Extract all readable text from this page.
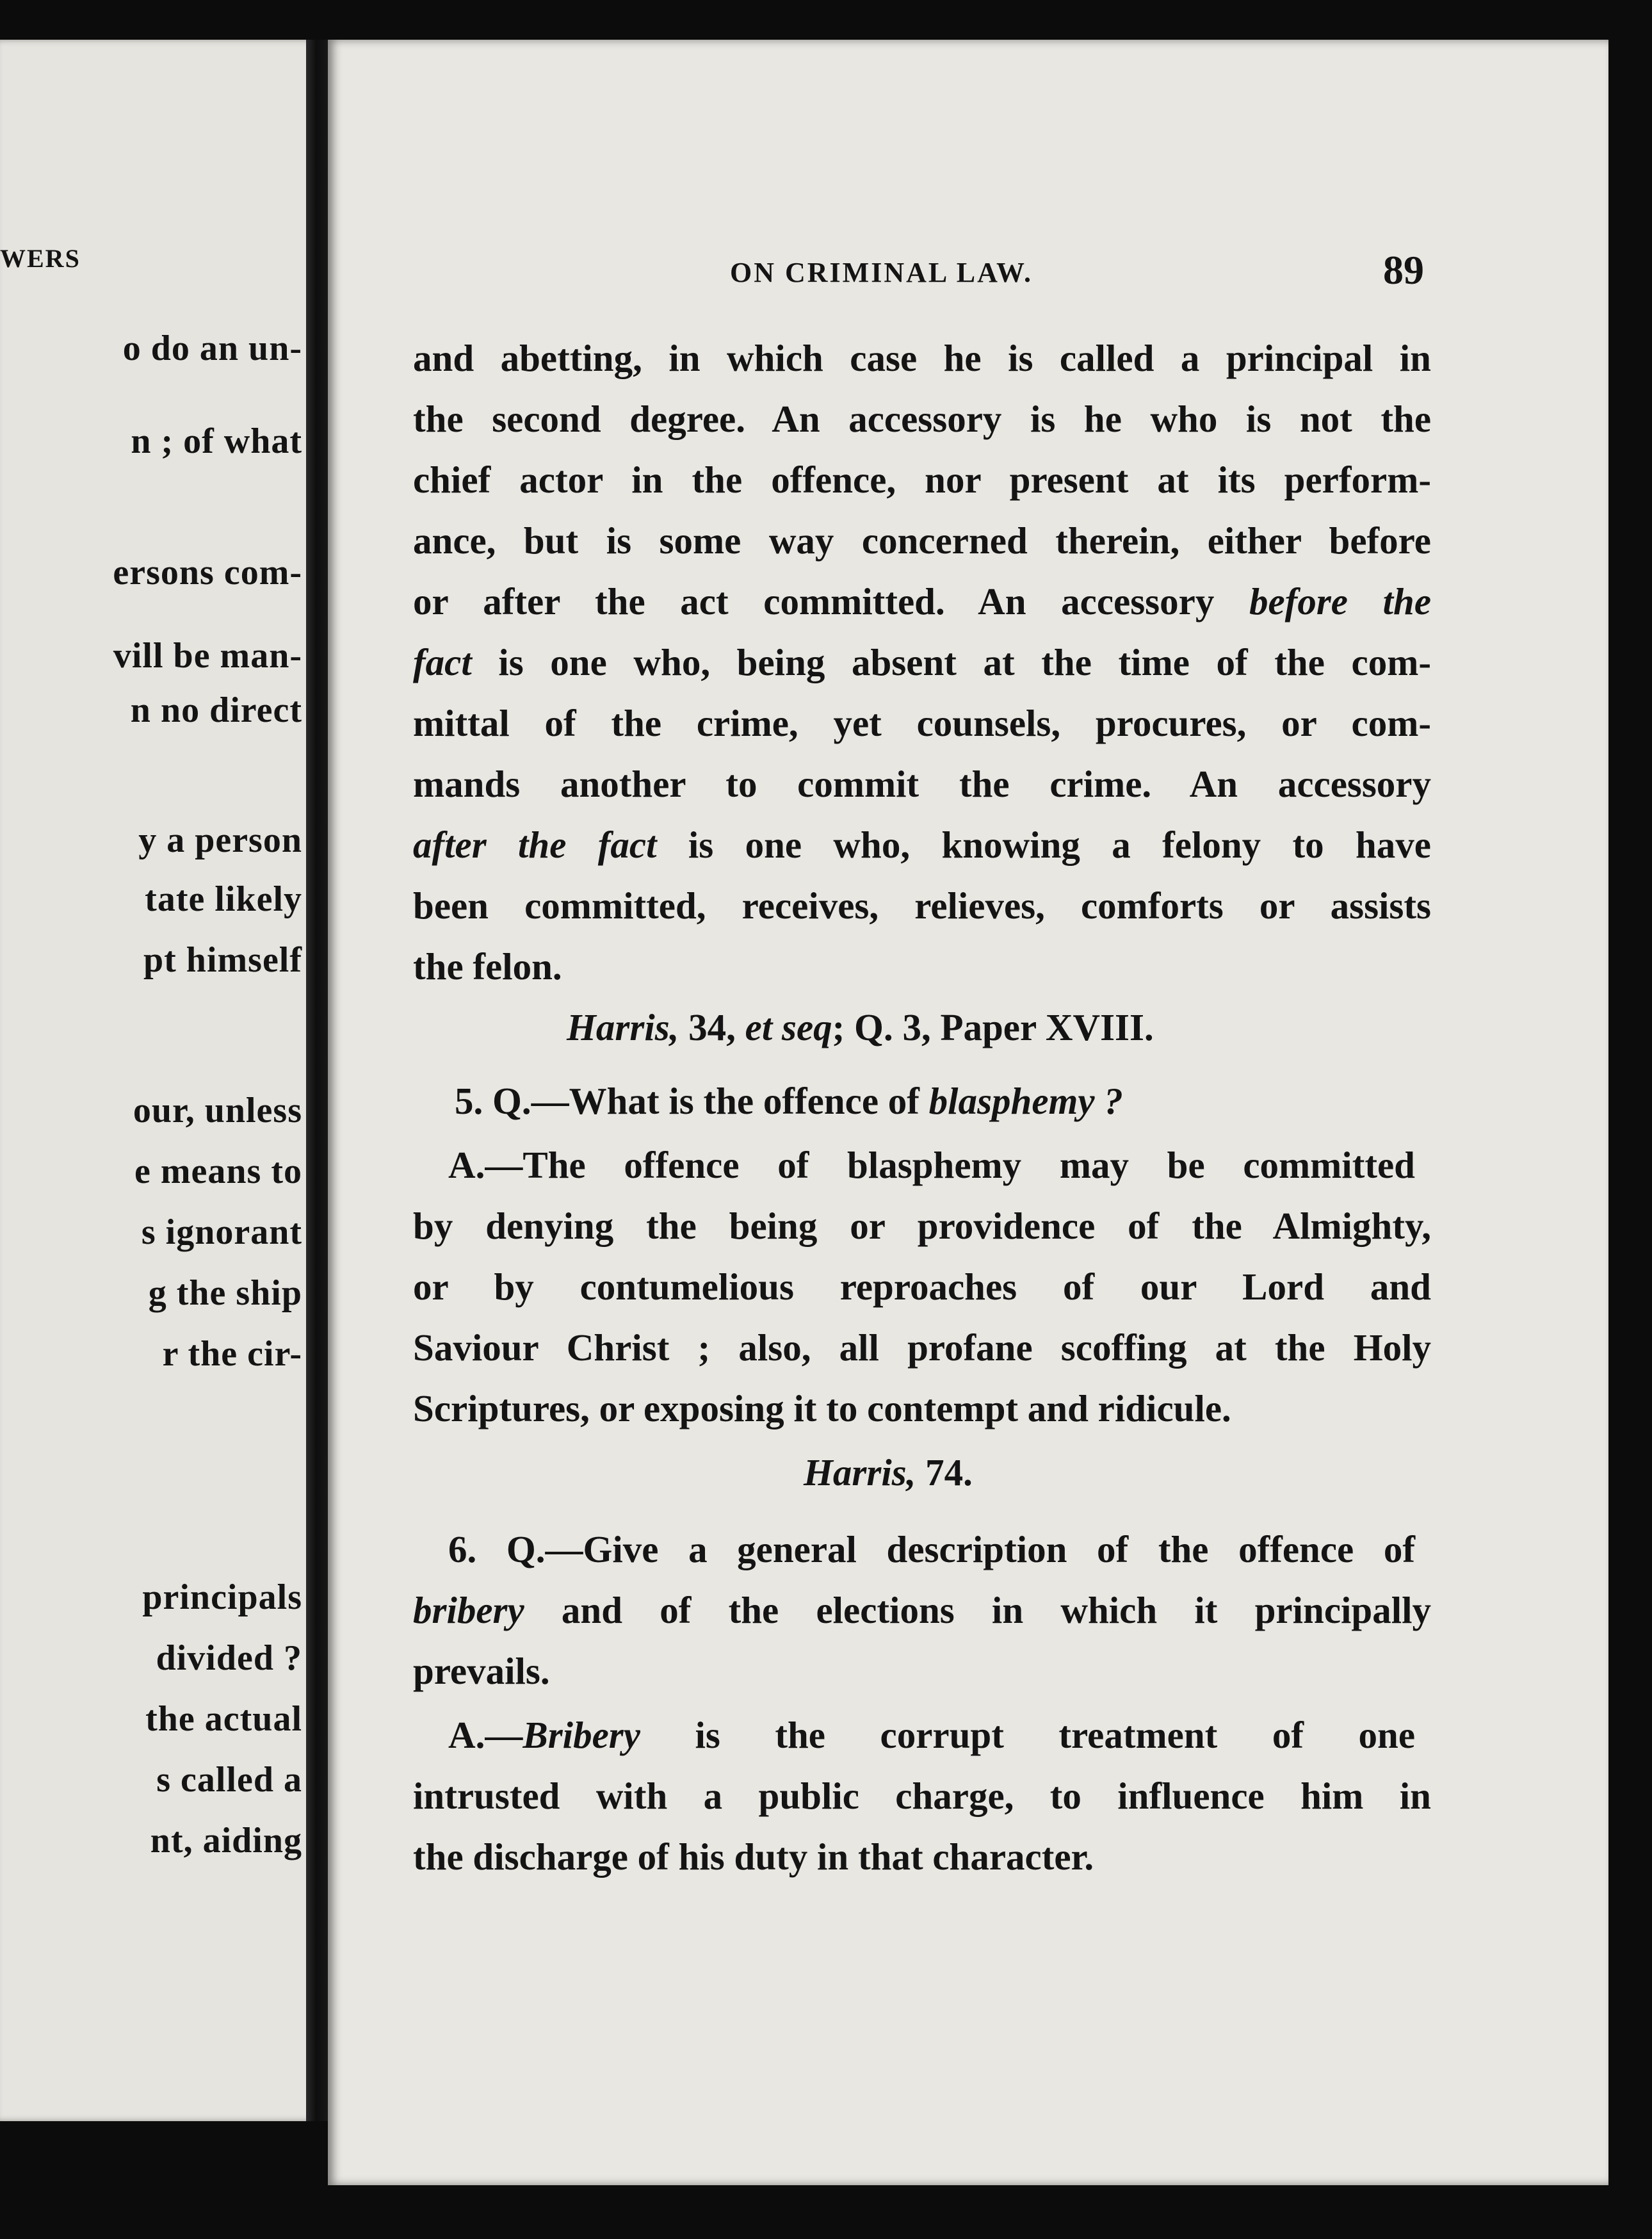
WERS
o do an un-
n ; of what
ersons com-
vill be man-
n no direct
y a person
tate likely
pt himself
our, unless
e means to
s ignorant
g the ship
r the cir-
principals
divided ?
the actual
s called a
nt, aiding
ON CRIMINAL LAW.	89
and abetting, in which case he is called a principal in
the second degree. An accessory is he who is not the
chief actor in the offence, nor present at its perform-
ance, but is some way concerned therein, either before
or after the act committed. An accessory before the
fact is one who, being absent at the time of the com-
mittal of the crime, yet counsels, procures, or com-
mands another to commit the crime. An accessory
after the fact is one who, knowing a felony to have
been committed, receives, relieves, comforts or assists
the felon.
Harris, 34, et seq; Q. 3, Paper XVIII.
5. Q.—What is the offence of blasphemy ?
A.—The offence of blasphemy may be committed
by denying the being or providence of the Almighty,
or by contumelious reproaches of our Lord and
Saviour Christ ; also, all profane scoffing at the Holy
Scriptures, or exposing it to contempt and ridicule.
Harris, 74.
6. Q.—Give a general description of the offence of
bribery and of the elections in which it principally
prevails.
A.—Bribery is the corrupt treatment of one
intrusted with a public charge, to influence him in
the discharge of his duty in that character.
